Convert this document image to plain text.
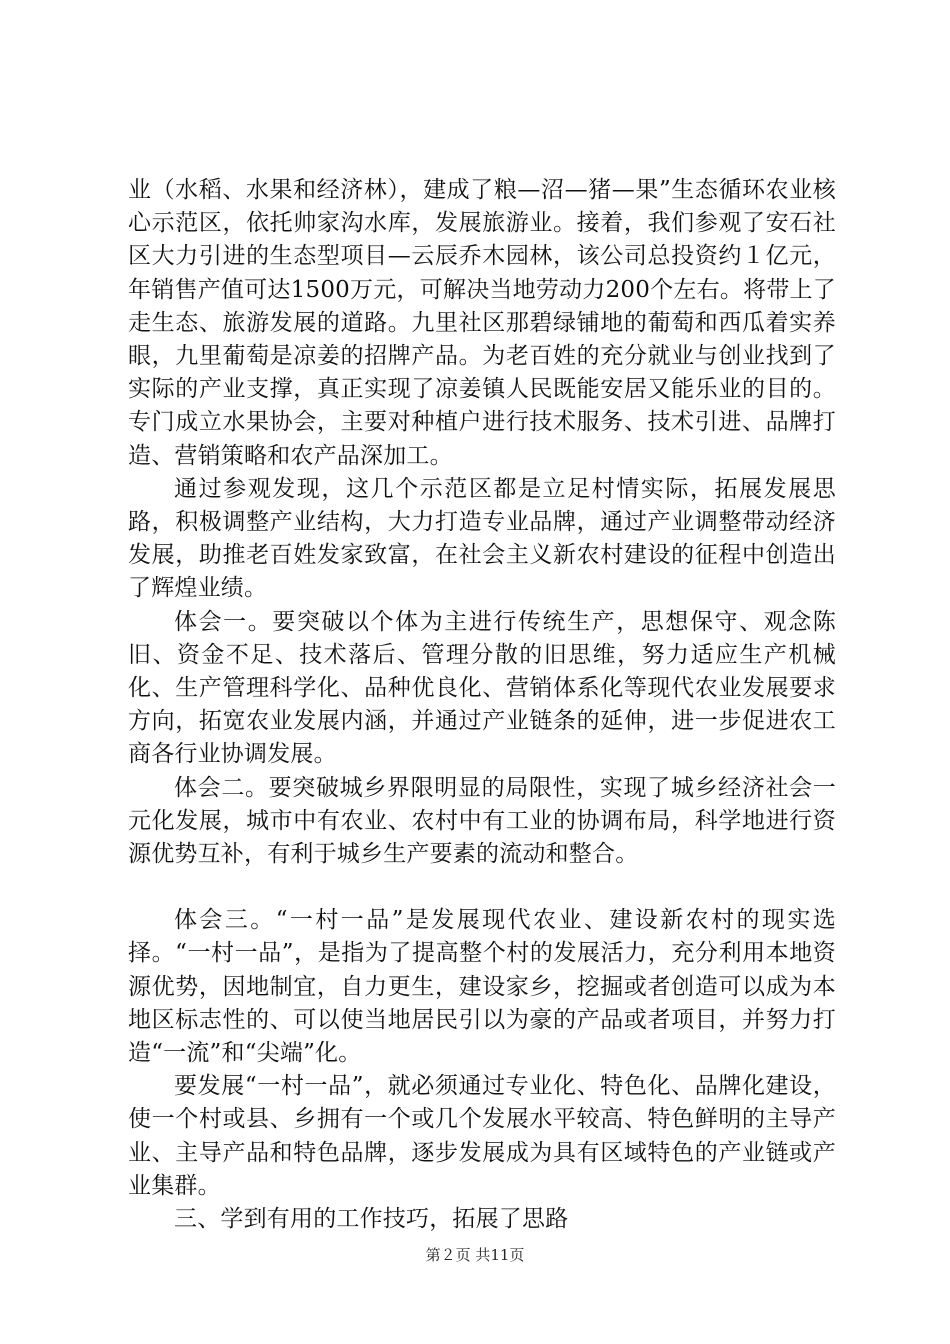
业（水稻、水果和经济林），建成了粮—沼—猪—果”生态循环农业核心示范区，依托帅家沟水库，发展旅游业。接着，我们参观了安石社区大力引进的生态型项目—云辰乔木园林，该公司总投资约１亿元，年销售产值可达1500万元，可解决当地劳动力200个左右。将带上了走生态、旅游发展的道路。九里社区那碧绿铺地的葡萄和西瓜着实养眼，九里葡萄是凉姜的招牌产品。为老百姓的充分就业与创业找到了实际的产业支撑，真正实现了凉姜镇人民既能安居又能乐业的目的。专门成立水果协会，主要对种植户进行技术服务、技术引进、品牌打造、营销策略和农产品深加工。

通过参观发现，这几个示范区都是立足村情实际，拓展发展思路，积极调整产业结构，大力打造专业品牌，通过产业调整带动经济发展，助推老百姓发家致富，在社会主义新农村建设的征程中创造出了辉煌业绩。

体会一。要突破以个体为主进行传统生产，思想保守、观念陈旧、资金不足、技术落后、管理分散的旧思维，努力适应生产机械化、生产管理科学化、品种优良化、营销体系化等现代农业发展要求方向，拓宽农业发展内涵，并通过产业链条的延伸，进一步促进农工商各行业协调发展。

体会二。要突破城乡界限明显的局限性，实现了城乡经济社会一元化发展，城市中有农业、农村中有工业的协调布局，科学地进行资源优势互补，有利于城乡生产要素的流动和整合。

体会三。“一村一品”是发展现代农业、建设新农村的现实选择。“一村一品”，是指为了提高整个村的发展活力，充分利用本地资源优势，因地制宜，自力更生，建设家乡，挖掘或者创造可以成为本地区标志性的、可以使当地居民引以为豪的产品或者项目，并努力打造“一流”和“尖端”化。

要发展“一村一品”，就必须通过专业化、特色化、品牌化建设，使一个村或县、乡拥有一个或几个发展水平较高、特色鲜明的主导产业、主导产品和特色品牌，逐步发展成为具有区域特色的产业链或产业集群。

三、学到有用的工作技巧，拓展了思路

第２页 共11页
